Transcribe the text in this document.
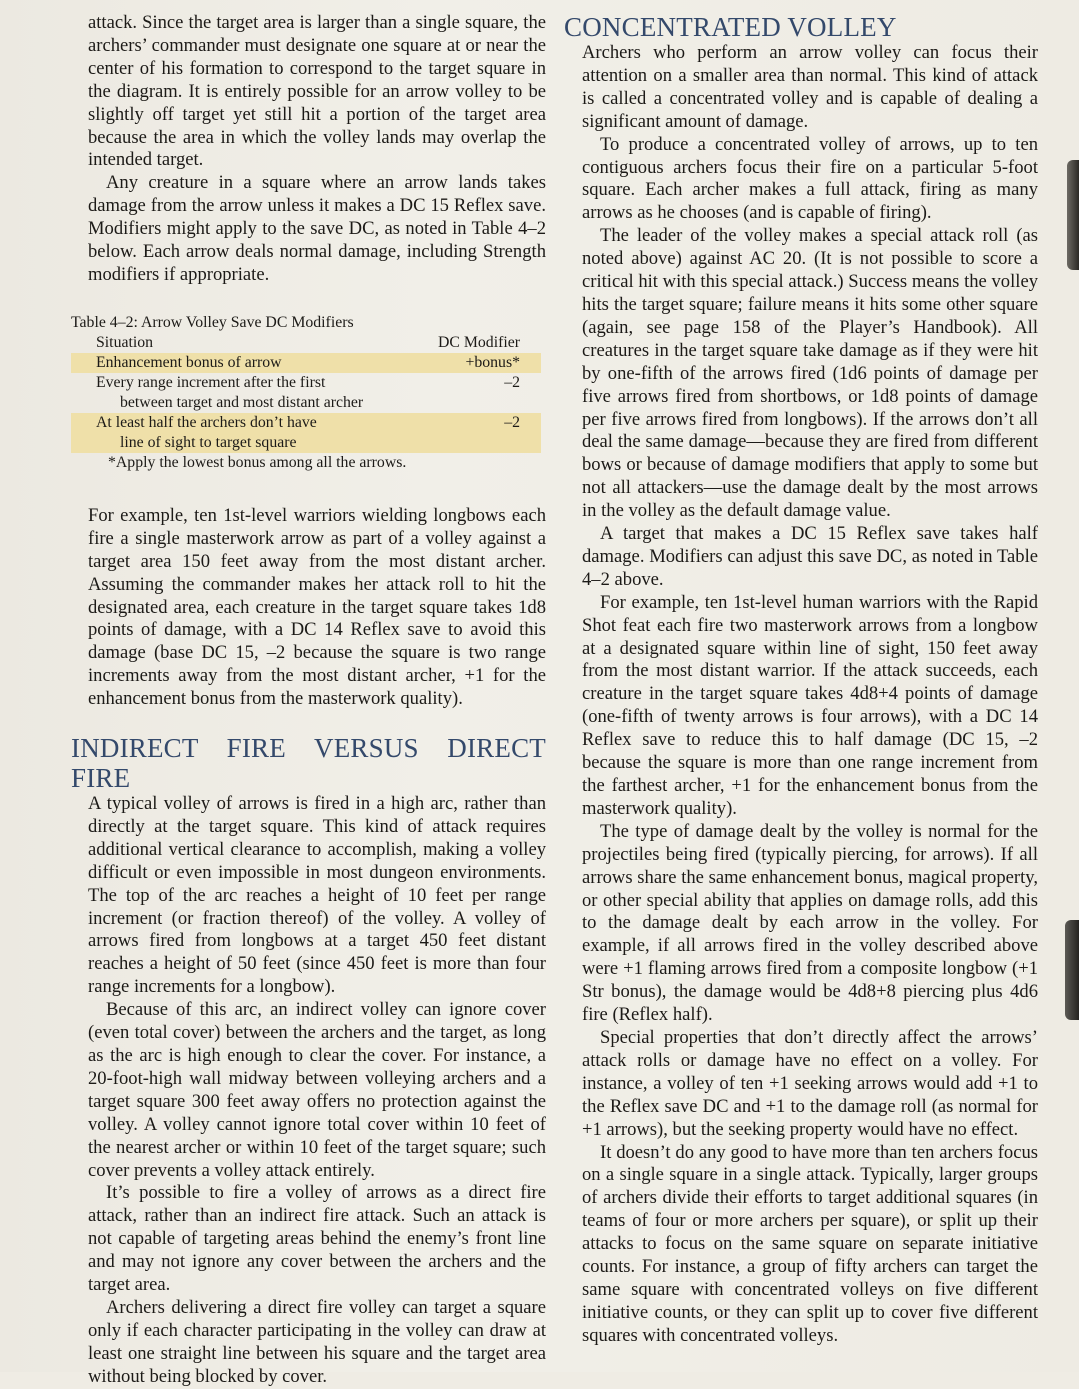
attack. Since the target area is larger than a single square, the archers’ commander must designate one square at or near the center of his formation to correspond to the target square in the diagram. It is entirely possible for an arrow volley to be slightly off target yet still hit a portion of the target area because the area in which the volley lands may overlap the intended target.

Any creature in a square where an arrow lands takes damage from the arrow unless it makes a DC 15 Reflex save. Modifiers might apply to the save DC, as noted in Table 4–2 below. Each arrow deals normal damage, including Strength modifiers if appropriate.

Table 4–2: Arrow Volley Save DC Modifiers
Situation	DC Modifier
Enhancement bonus of arrow	+bonus*
Every range increment after the first
between target and most distant archer
–2
At least half the archers don’t have
line of sight to target square
–2
*Apply the lowest bonus among all the arrows.

For example, ten 1st-level warriors wielding longbows each fire a single masterwork arrow as part of a volley against a target area 150 feet away from the most distant archer. Assuming the commander makes her attack roll to hit the designated area, each creature in the target square takes 1d8 points of damage, with a DC 14 Reflex save to avoid this damage (base DC 15, –2 because the square is two range increments away from the most distant archer, +1 for the enhancement bonus from the masterwork quality).

INDIRECT FIRE VERSUS DIRECT FIRE

A typical volley of arrows is fired in a high arc, rather than directly at the target square. This kind of attack requires additional vertical clearance to accomplish, making a volley difficult or even impossible in most dungeon environments. The top of the arc reaches a height of 10 feet per range increment (or fraction thereof) of the volley. A volley of arrows fired from longbows at a target 450 feet distant reaches a height of 50 feet (since 450 feet is more than four range increments for a longbow).

Because of this arc, an indirect volley can ignore cover (even total cover) between the archers and the target, as long as the arc is high enough to clear the cover. For instance, a 20-foot-high wall midway between volleying archers and a target square 300 feet away offers no protection against the volley. A volley cannot ignore total cover within 10 feet of the nearest archer or within 10 feet of the target square; such cover prevents a volley attack entirely.

It’s possible to fire a volley of arrows as a direct fire attack, rather than an indirect fire attack. Such an attack is not capable of targeting areas behind the enemy’s front line and may not ignore any cover between the archers and the target area.

Archers delivering a direct fire volley can target a square only if each character participating in the volley can draw at least one straight line between his square and the target area without being blocked by cover.

CONCENTRATED VOLLEY

Archers who perform an arrow volley can focus their attention on a smaller area than normal. This kind of attack is called a concentrated volley and is capable of dealing a significant amount of damage.

To produce a concentrated volley of arrows, up to ten contiguous archers focus their fire on a particular 5-foot square. Each archer makes a full attack, firing as many arrows as he chooses (and is capable of firing).

The leader of the volley makes a special attack roll (as noted above) against AC 20. (It is not possible to score a critical hit with this special attack.) Success means the volley hits the target square; failure means it hits some other square (again, see page 158 of the Player’s Handbook). All creatures in the target square take damage as if they were hit by one-fifth of the arrows fired (1d6 points of damage per five arrows fired from shortbows, or 1d8 points of damage per five arrows fired from longbows). If the arrows don’t all deal the same damage—because they are fired from different bows or because of damage modifiers that apply to some but not all attackers—use the damage dealt by the most arrows in the volley as the default damage value.

A target that makes a DC 15 Reflex save takes half damage. Modifiers can adjust this save DC, as noted in Table 4–2 above.

For example, ten 1st-level human warriors with the Rapid Shot feat each fire two masterwork arrows from a longbow at a designated square within line of sight, 150 feet away from the most distant warrior. If the attack succeeds, each creature in the target square takes 4d8+4 points of damage (one-fifth of twenty arrows is four arrows), with a DC 14 Reflex save to reduce this to half damage (DC 15, –2 because the square is more than one range increment from the farthest archer, +1 for the enhancement bonus from the masterwork quality).

The type of damage dealt by the volley is normal for the projectiles being fired (typically piercing, for arrows). If all arrows share the same enhancement bonus, magical property, or other special ability that applies on damage rolls, add this to the damage dealt by each arrow in the volley. For example, if all arrows fired in the volley described above were +1 flaming arrows fired from a composite longbow (+1 Str bonus), the damage would be 4d8+8 piercing plus 4d6 fire (Reflex half).

Special properties that don’t directly affect the arrows’ attack rolls or damage have no effect on a volley. For instance, a volley of ten +1 seeking arrows would add +1 to the Reflex save DC and +1 to the damage roll (as normal for +1 arrows), but the seeking property would have no effect.

It doesn’t do any good to have more than ten archers focus on a single square in a single attack. Typically, larger groups of archers divide their efforts to target additional squares (in teams of four or more archers per square), or split up their attacks to focus on the same square on separate initiative counts. For instance, a group of fifty archers can target the same square with concentrated volleys on five different initiative counts, or they can split up to cover five different squares with concentrated volleys.
